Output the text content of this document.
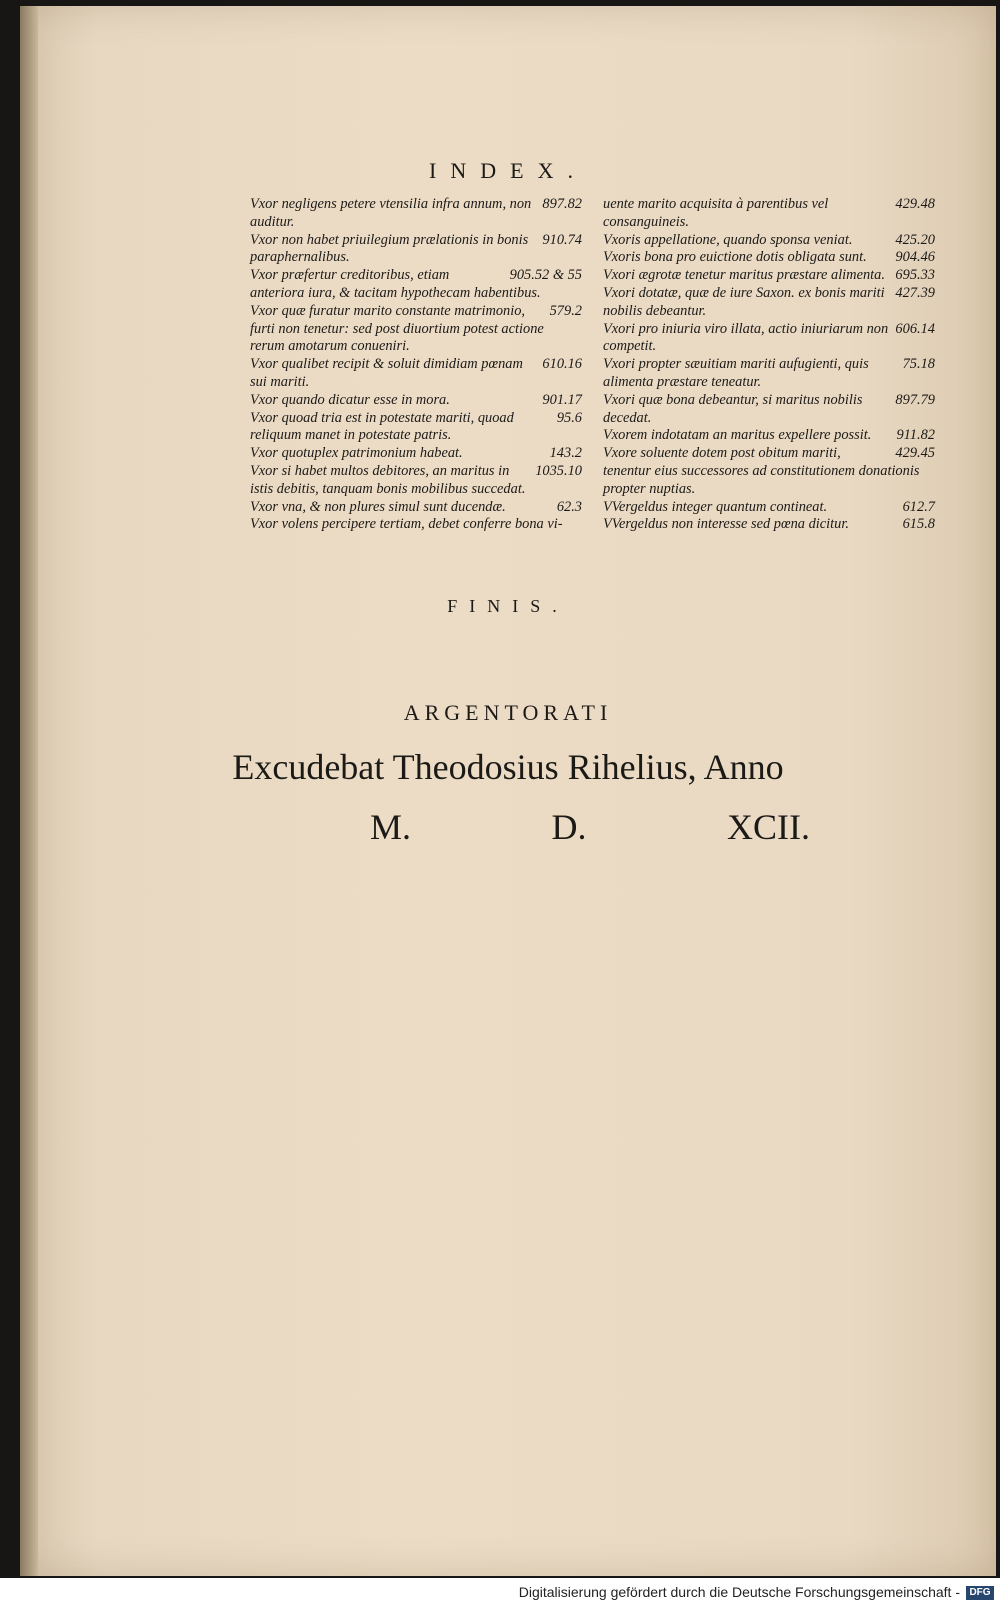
INDEX.
897.82
Vxor negligens petere vtensilia infra annum, non auditur.
910.74
Vxor non habet priuilegium prælationis in bonis paraphernalibus.
905.52 & 55
Vxor præfertur creditoribus, etiam anteriora iura, & tacitam hypothecam habentibus.
579.2
Vxor quæ furatur marito constante matrimonio, furti non tenetur: sed post diuortium potest actione rerum amotarum conueniri.
610.16
Vxor qualibet recipit & soluit dimidiam pœnam sui mariti.
901.17
Vxor quando dicatur esse in mora.
95.6
Vxor quoad tria est in potestate mariti, quoad reliquum manet in potestate patris.
143.2
Vxor quotuplex patrimonium habeat.
1035.10
Vxor si habet multos debitores, an maritus in istis debitis, tanquam bonis mobilibus succedat.
62.3
Vxor vna, & non plures simul sunt ducendæ.
Vxor volens percipere tertiam, debet conferre bona vi-
429.48
uente marito acquisita à parentibus vel consanguineis.
425.20
Vxoris appellatione, quando sponsa veniat.
904.46
Vxoris bona pro euictione dotis obligata sunt.
695.33
Vxori ægrotæ tenetur maritus præstare alimenta.
427.39
Vxori dotatæ, quæ de iure Saxon. ex bonis mariti nobilis debeantur.
606.14
Vxori pro iniuria viro illata, actio iniuriarum non competit.
75.18
Vxori propter sæuitiam mariti aufugienti, quis alimenta præstare teneatur.
897.79
Vxori quæ bona debeantur, si maritus nobilis decedat.
911.82
Vxorem indotatam an maritus expellere possit.
429.45
Vxore soluente dotem post obitum mariti, tenentur eius successores ad constitutionem donationis propter nuptias.
612.7
VVergeldus integer quantum contineat.
615.8
VVergeldus non interesse sed pœna dicitur.
FINIS.
ARGENTORATI
Excudebat Theodosius Rihelius, Anno
M.	D.	XCII.
Digitalisierung gefördert durch die Deutsche Forschungsgemeinschaft - DFG
